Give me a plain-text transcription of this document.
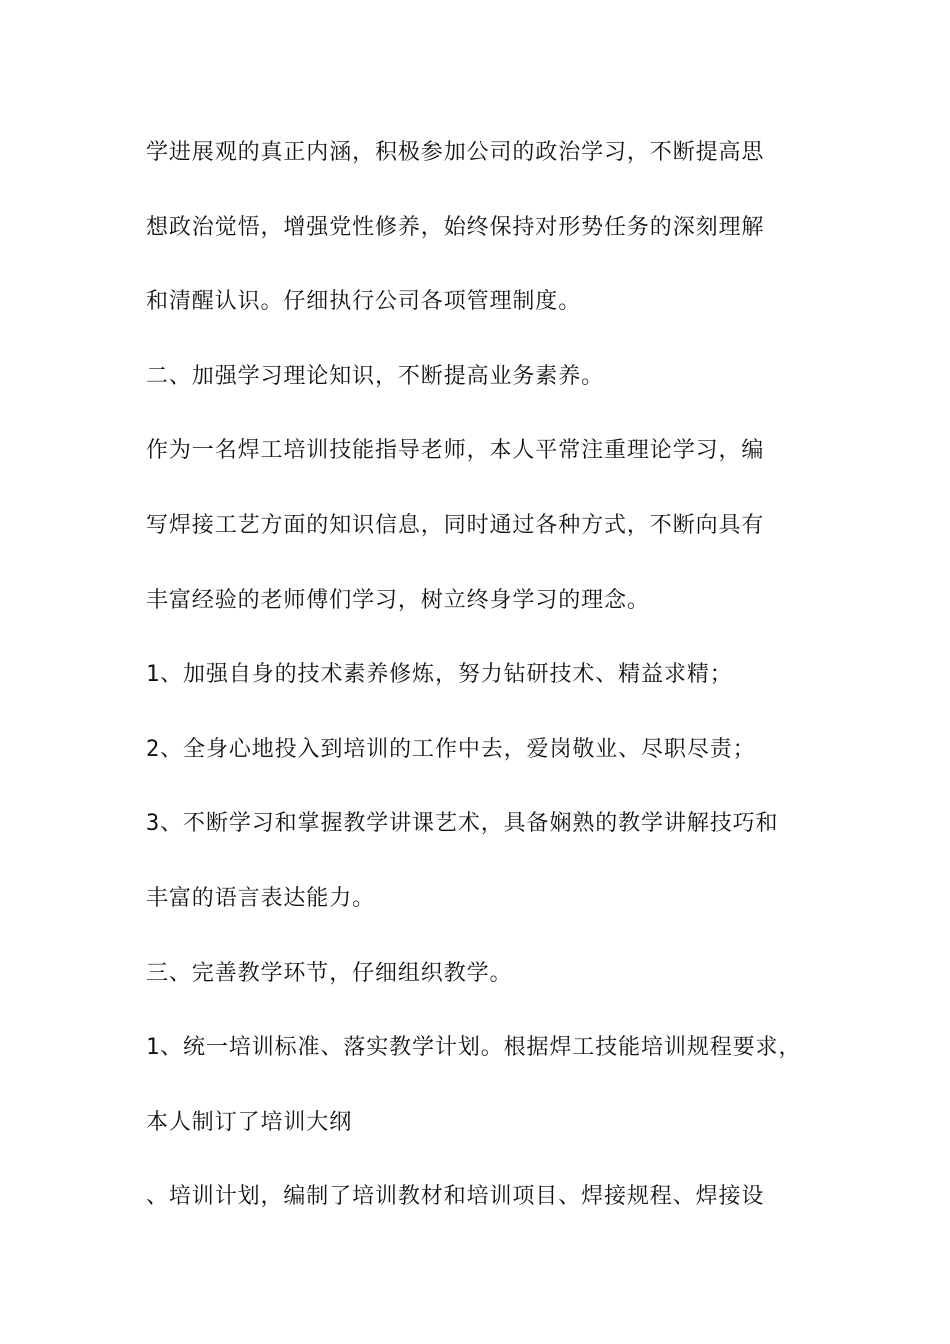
学进展观的真正内涵，积极参加公司的政治学习，不断提高思

想政治觉悟，增强党性修养，始终保持对形势任务的深刻理解

和清醒认识。仔细执行公司各项管理制度。

二、加强学习理论知识，不断提高业务素养。

作为一名焊工培训技能指导老师，本人平常注重理论学习，编

写焊接工艺方面的知识信息，同时通过各种方式，不断向具有

丰富经验的老师傅们学习，树立终身学习的理念。

1、加强自身的技术素养修炼，努力钻研技术、精益求精；

2、全身心地投入到培训的工作中去，爱岗敬业、尽职尽责；

3、不断学习和掌握教学讲课艺术，具备娴熟的教学讲解技巧和

丰富的语言表达能力。

三、完善教学环节，仔细组织教学。

1、统一培训标准、落实教学计划。根据焊工技能培训规程要求，

本人制订了培训大纲

、培训计划，编制了培训教材和培训项目、焊接规程、焊接设
